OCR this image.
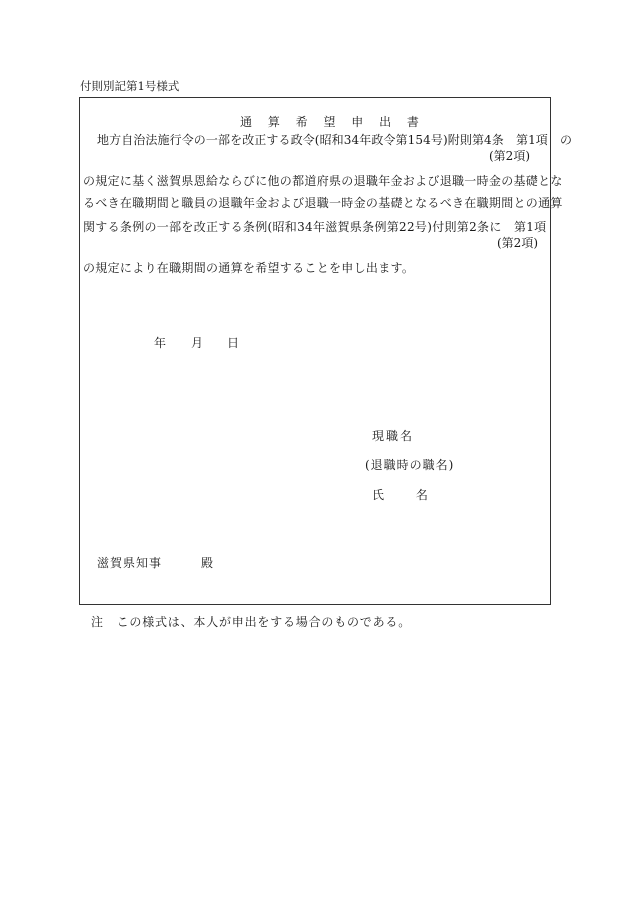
付則別記第1号様式
通 算 希 望 申 出 書
地方自治法施行令の一部を改正する政令(昭和34年政令第154号)附則第4条　第1項　の
(第2項)
の規定に基く滋賀県恩給ならびに他の都道府県の退職年金および退職一時金の基礎とな
るべき在職期間と職員の退職年金および退職一時金の基礎となるべき在職期間との通算
関する条例の一部を改正する条例(昭和34年滋賀県条例第22号)付則第2条に　第1項
(第2項)
の規定により在職期間の通算を希望することを申し出ます。
年 月 日
現職名
(退職時の職名)
氏 名
滋賀県知事	殿
注　この様式は、本人が申出をする場合のものである。
